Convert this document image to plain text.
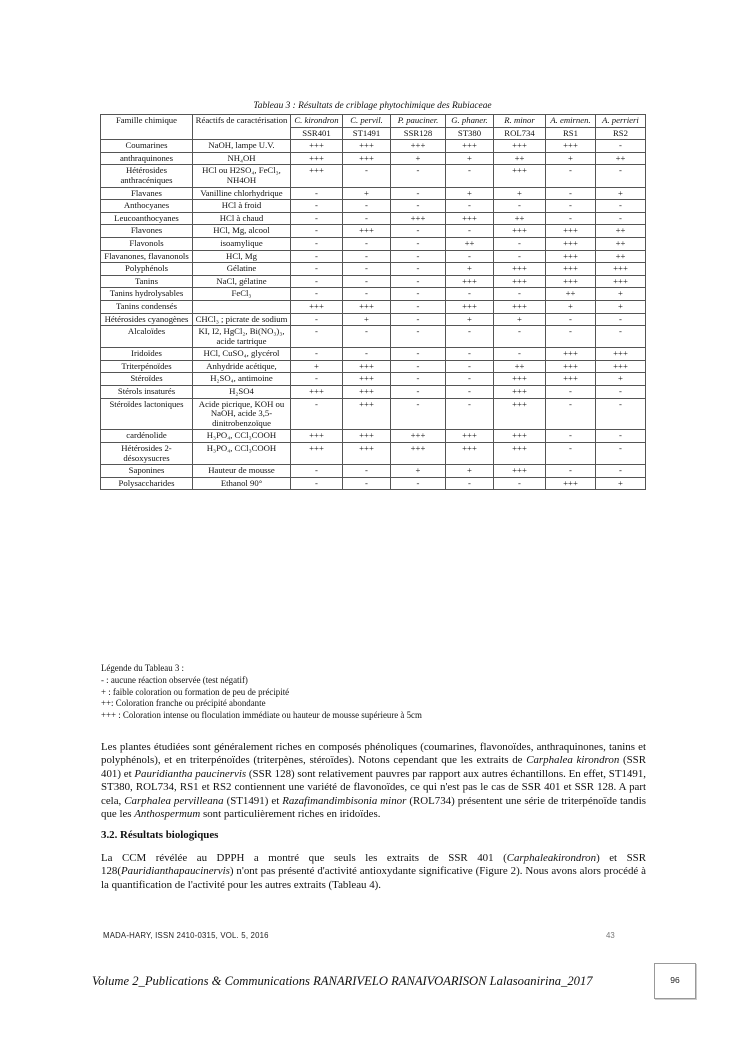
Tableau 3 : Résultats de criblage phytochimique des Rubiaceae
Famille chimique	Réactifs de caractérisation	C. kirondron	C. pervil.	P. pauciner.	G. phaner.	R. minor	A. emirnen.	A. perrieri
		SSR401	ST1491	SSR128	ST380	ROL734	RS1	RS2
Coumarines	NaOH, lampe U.V.	+++	+++	+++	+++	+++	+++	-
anthraquinones	NH₄OH	+++	+++	+	+	++	+	++
Hétérosides anthracéniques	HCl ou H2SO₄, FeCl₃, NH4OH	+++	-	-	-	+++	-	-
Flavanes	Vanilline chlorhydrique	-	+	-	+	+	-	+
Anthocyanes	HCl à froid	-	-	-	-	-	-	-
Leucoanthocyanes	HCl à chaud	-	-	+++	+++	++	-	-
Flavones	HCl, Mg, alcool	-	+++	-	-	+++	+++	++
Flavonols	isoamylique	-	-	-	++	-	+++	++
Flavanones, flavanonols	HCl, Mg	-	-	-	-	-	+++	++
Polyphénols	Gélatine	-	-	-	+	+++	+++	+++
Tanins	NaCl, gélatine	-	-	-	+++	+++	+++	+++
Tanins hydrolysables	FeCl₃	-	-	-	-	-	++	+
Tanins condensés		+++	+++	-	+++	+++	+	+
Hétérosides cyanogènes	CHCl₃ ; picrate de sodium	-	+	-	+	+	-	-
Alcaloïdes	KI, I2, HgCl₂, Bi(NO₃)₃, acide tartrique	-	-	-	-	-	-	-
Iridoïdes	HCl, CuSO₄, glycérol	-	-	-	-	-	+++	+++
Triterpénoïdes	Anhydride acétique,	+	+++	-	-	++	+++	+++
Stéroïdes	H₂SO₄, antimoine	-	+++	-	-	+++	+++	+
Stérols insaturés	H₂SO4	+++	+++	-	-	+++	-	-
Stéroïdes lactoniques	Acide picrique, KOH ou NaOH, acide 3,5-dinitrobenzoïque	-	+++	-	-	+++	-	-
cardénolide	H₃PO₄, CCl₃COOH	+++	+++	+++	+++	+++	-	-
Hétérosides 2-désoxysucres	H₃PO₄, CCl₃COOH	+++	+++	+++	+++	+++	-	-
Saponines	Hauteur de mousse	-	-	+	+	+++	-	-
Polysaccharides	Ethanol 90°	-	-	-	-	-	+++	+
Légende du Tableau 3 :
- : aucune réaction observée (test négatif)
+ : faible coloration ou formation de peu de précipité
++: Coloration franche ou précipité abondante
+++ : Coloration intense ou floculation immédiate ou hauteur de mousse supérieure à 5cm
Les plantes étudiées sont généralement riches en composés phénoliques (coumarines, flavonoïdes, anthraquinones, tanins et polyphénols), et en triterpénoïdes (triterpènes, stéroïdes). Notons cependant que les extraits de Carphalea kirondron (SSR 401) et Pauridiantha paucinervis (SSR 128) sont relativement pauvres par rapport aux autres échantillons. En effet, ST1491, ST380, ROL734, RS1 et RS2 contiennent une variété de flavonoïdes, ce qui n'est pas le cas de SSR 401 et SSR 128. A part cela, Carphalea pervilleana (ST1491) et Razafimandimbisonia minor (ROL734) présentent une série de triterpénoïde tandis que les Anthospermum sont particulièrement riches en iridoïdes.
3.2. Résultats biologiques
La CCM révélée au DPPH a montré que seuls les extraits de SSR 401 (Carphaleakirondron) et SSR 128(Pauridianthapaucinervis) n'ont pas présenté d'activité antioxydante significative (Figure 2). Nous avons alors procédé à la quantification de l'activité pour les autres extraits (Tableau 4).
MADA-HARY, ISSN 2410-0315, VOL. 5, 2016	43
Volume 2_Publications & Communications RANARIVELO RANAIVOARISON Lalasoanirina_2017	96
